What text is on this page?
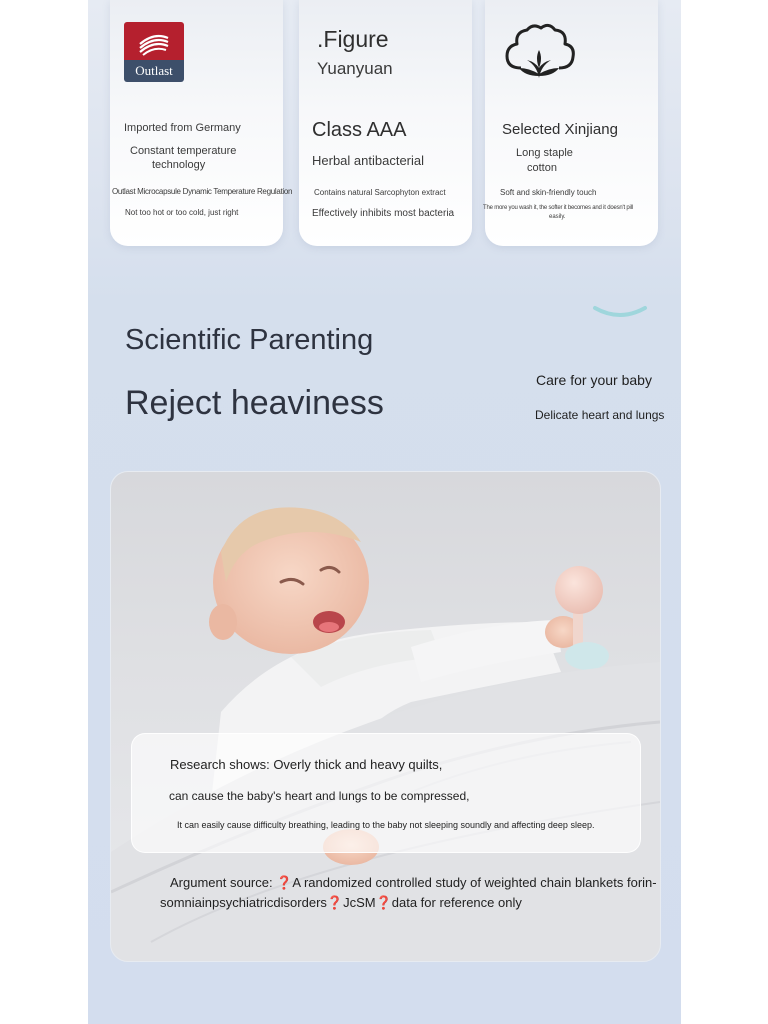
Outlast
Imported from Germany
Constant temperature
technology
Outlast Microcapsule Dynamic Temperature Regulation
Not too hot or too cold, just right
.Figure
Yuanyuan
Class AAA
Herbal antibacterial
Contains natural Sarcophyton extract
Effectively inhibits most bacteria
Selected Xinjiang
Long staple
cotton
Soft and skin-friendly touch
The more you wash it, the softer it becomes and it doesn't pill
easily.
Scientific Parenting
Reject heaviness
Care for your baby
Delicate heart and lungs
Research shows: Overly thick and heavy quilts,
can cause the baby's heart and lungs to be compressed,
It can easily cause difficulty breathing, leading to the baby not sleeping soundly and affecting deep sleep.
Argument source: ❓A randomized controlled study of weighted chain blankets forin-
somniainpsychiatricdisorders❓JcSM❓data for reference only
